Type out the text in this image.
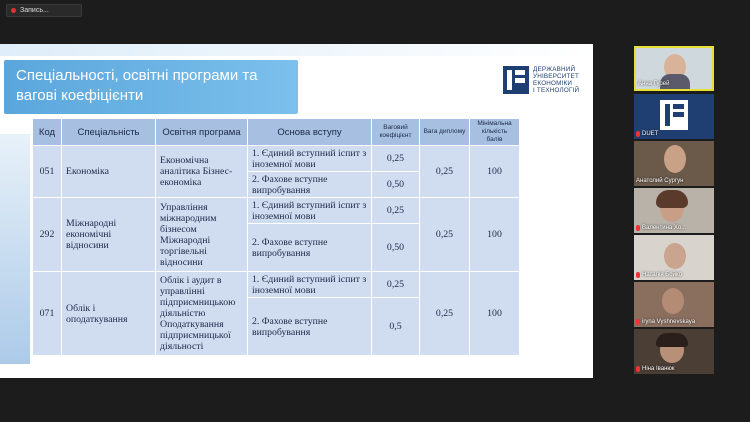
Запись...
Спеціальності, освітні програми та вагові коефіцієнти
ДЕРЖАВНИЙ
УНІВЕРСИТЕТ
ЕКОНОМІКИ
І ТЕХНОЛОГІЙ
Код	Спеціальність	Освітня програма	Основа вступу	Ваговий коефіцієнт	Вага диплому	Мінімальна кількість балів
051	Економіка	Економічна аналітика Бізнес-економіка	1. Єдиний вступний іспит з іноземної мови	0,25	0,25	100
			2. Фахове вступне випробування	0,50		
292	Міжнародні економічні відносини	Управління міжнародним бізнесом Міжнародні торгівельні відносини	1. Єдиний вступний іспит з іноземної мови	0,25	0,25	100
			2. Фахове вступне випробування	0,50		
071	Облік і оподаткування	Облік і аудит в управлінні підприємницькою діяльністю Оподаткування підприємницької діяльності	1. Єдиний вступний іспит з іноземної мови	0,25	0,25	100
			2. Фахове вступне випробування	0,5		
Анна Гурей
DUET
Анатолий Сургун
Валентина Хо...
Наталія Бойко
iryna Vyshnevskaya
Ніна Іванюк
